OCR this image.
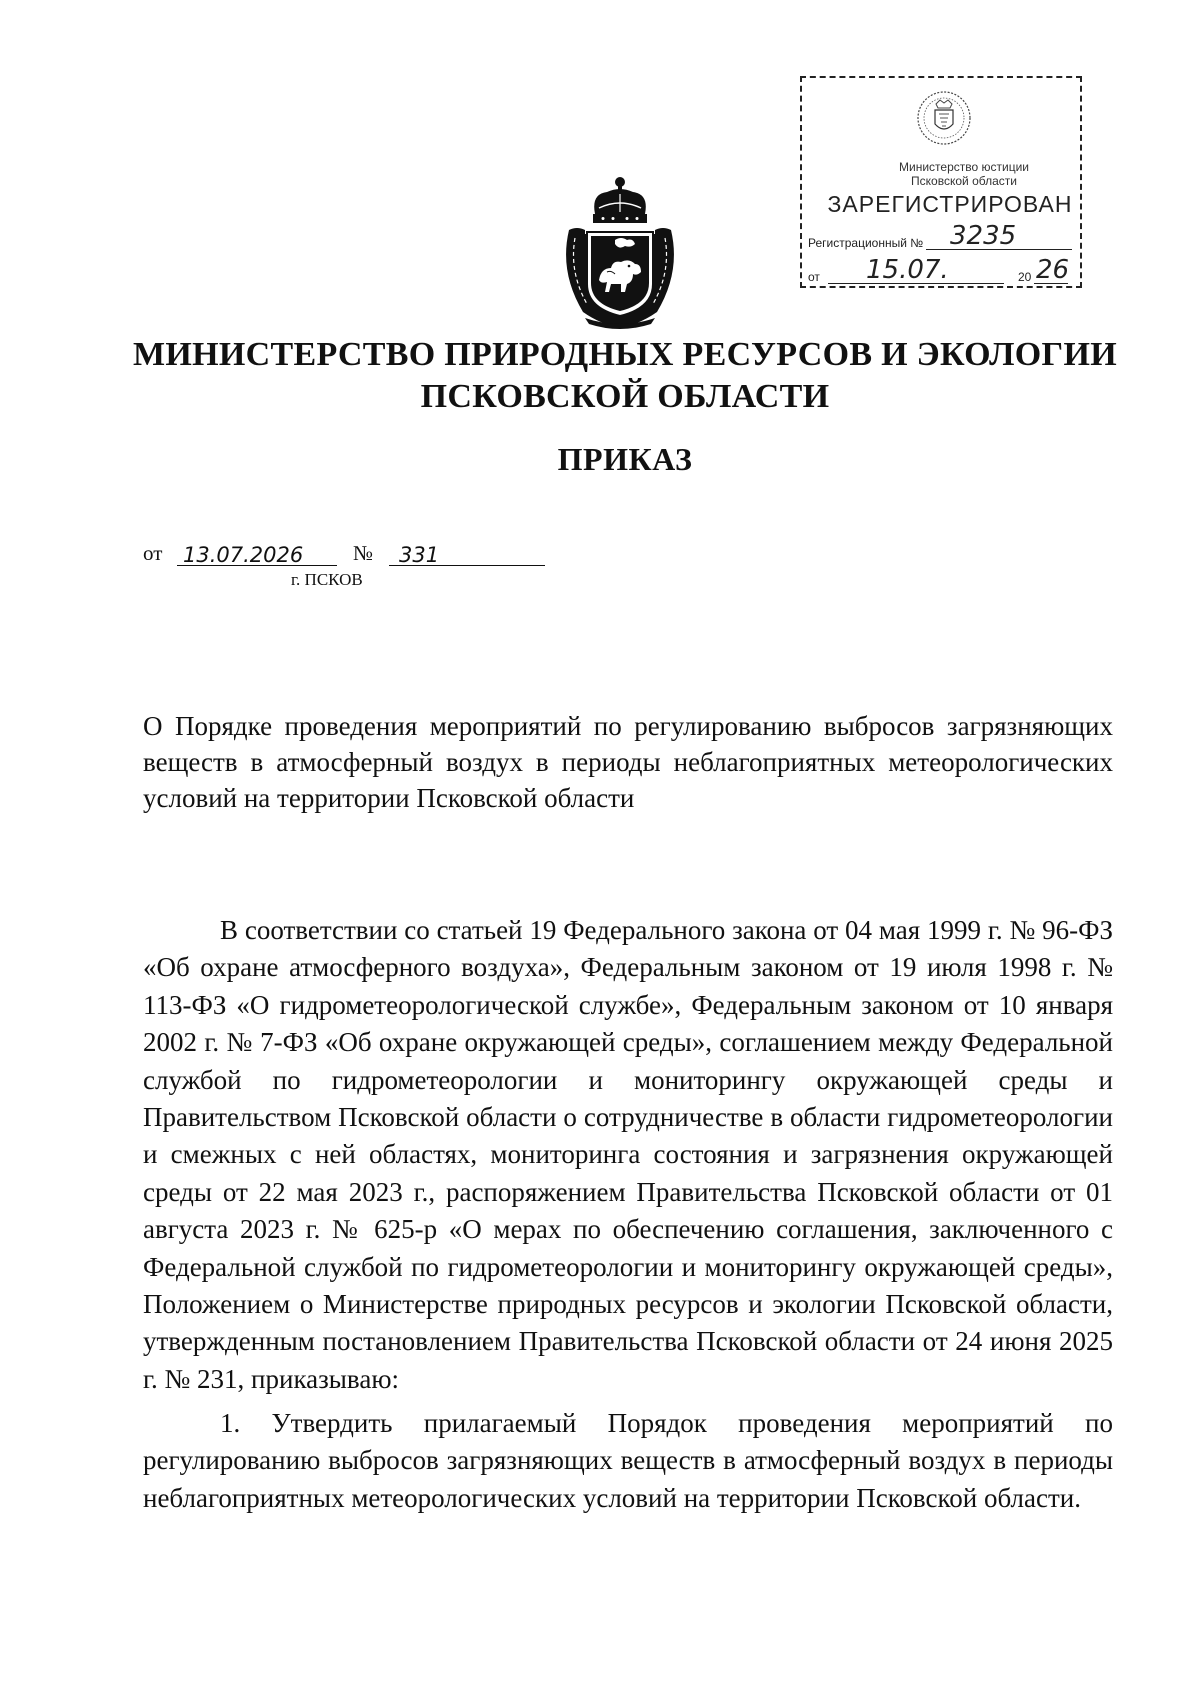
Министерство юстиции
Псковской области
ЗАРЕГИСТРИРОВАН
Регистрационный № 3235
от 15.07.	20 26
МИНИСТЕРСТВО ПРИРОДНЫХ РЕСУРСОВ И ЭКОЛОГИИ
ПСКОВСКОЙ ОБЛАСТИ
ПРИКАЗ
от 13.07.2026 № 331
г. ПСКОВ
О Порядке проведения мероприятий по регулированию выбросов загрязняющих веществ в атмосферный воздух в периоды неблагоприятных метеорологических условий на территории Псковской области
В соответствии со статьей 19 Федерального закона от 04 мая 1999 г. № 96-ФЗ «Об охране атмосферного воздуха», Федеральным законом от 19 июля 1998 г. № 113-ФЗ «О гидрометеорологической службе», Федеральным законом от 10 января 2002 г. № 7-ФЗ «Об охране окружающей среды», соглашением между Федеральной службой по гидрометеорологии и мониторингу окружающей среды и Правительством Псковской области о сотрудничестве в области гидрометеорологии и смежных с ней областях, мониторинга состояния и загрязнения окружающей среды от 22 мая 2023 г., распоряжением Правительства Псковской области от 01 августа 2023 г. № 625-р «О мерах по обеспечению соглашения, заключенного с Федеральной службой по гидрометеорологии и мониторингу окружающей среды», Положением о Министерстве природных ресурсов и экологии Псковской области, утвержденным постановлением Правительства Псковской области от 24 июня 2025 г. № 231, приказываю:
1. Утвердить прилагаемый Порядок проведения мероприятий по регулированию выбросов загрязняющих веществ в атмосферный воздух в периоды неблагоприятных метеорологических условий на территории Псковской области.
